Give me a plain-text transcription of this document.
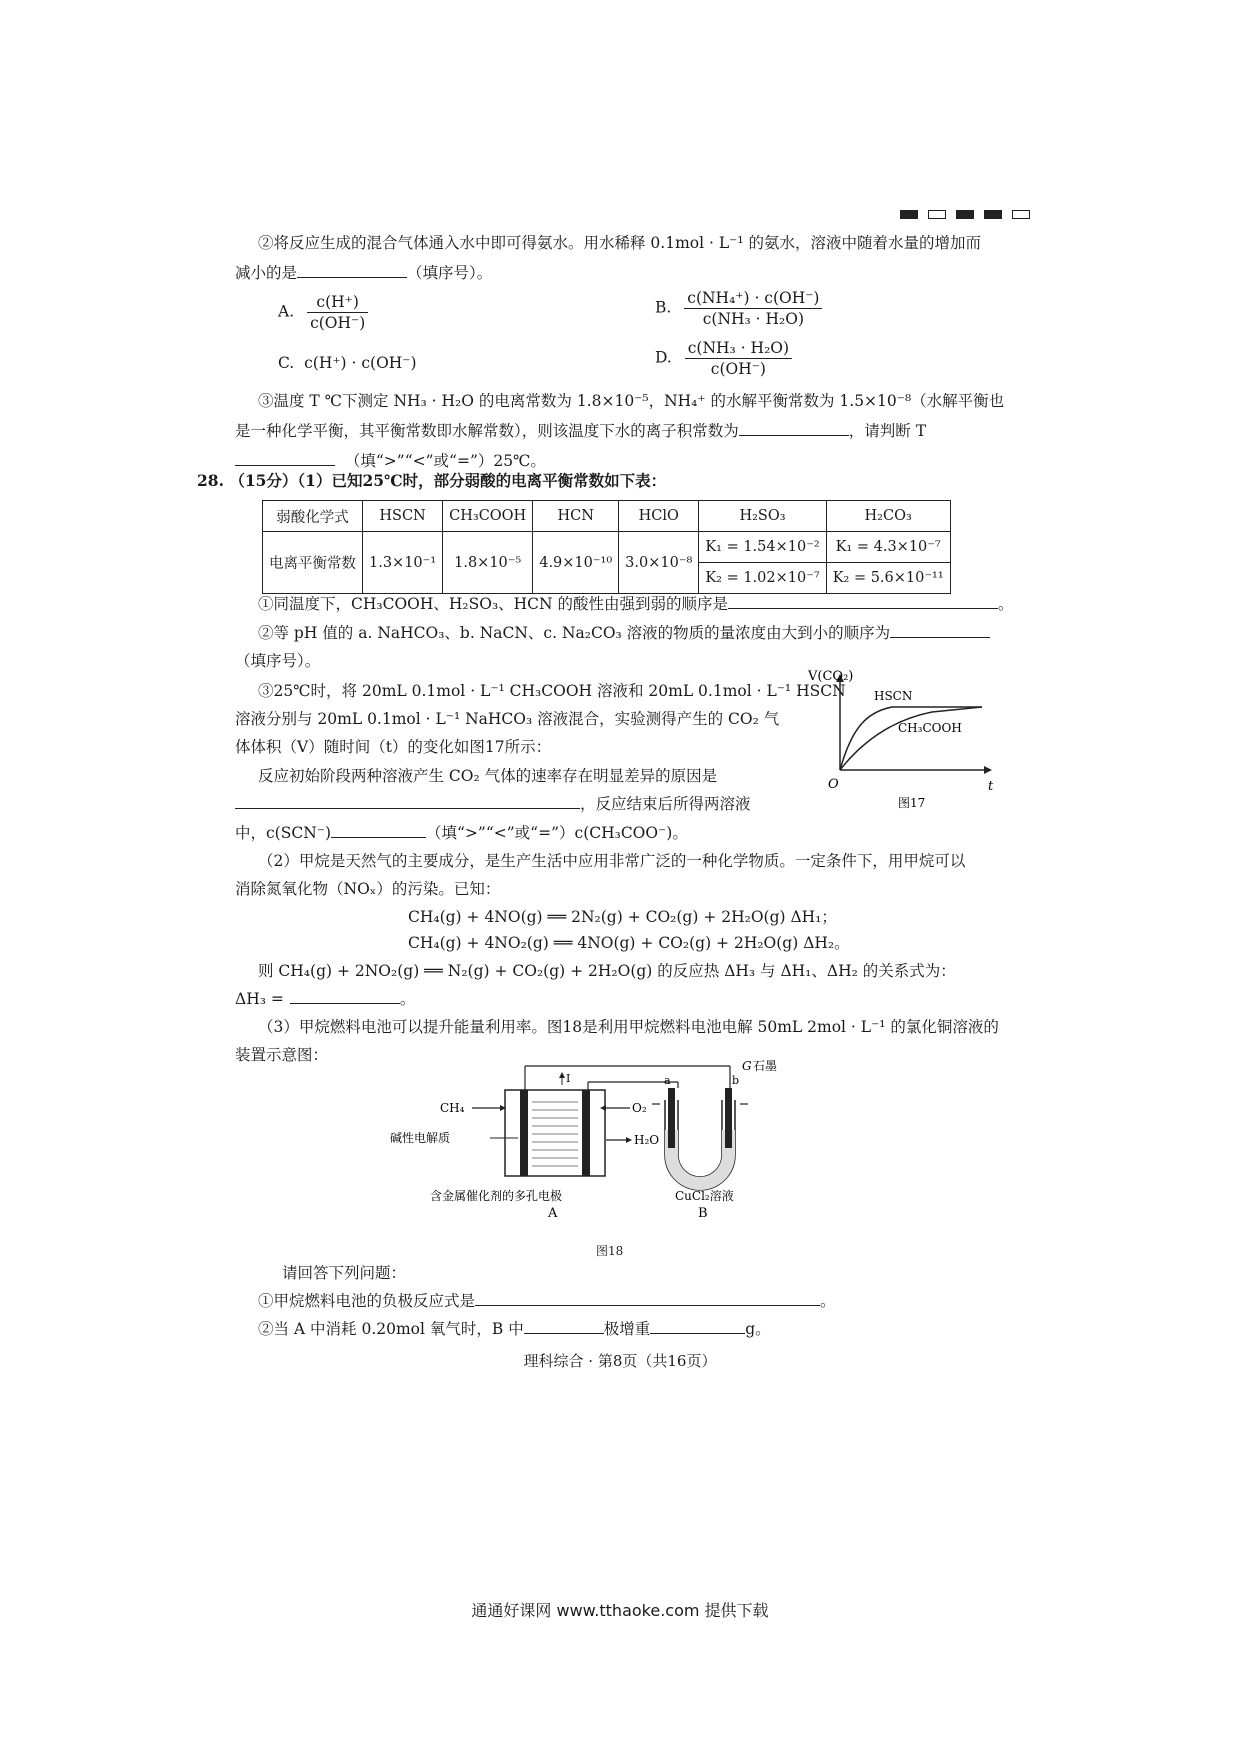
②将反应生成的混合气体通入水中即可得氨水。用水稀释 0.1mol · L⁻¹ 的氨水，溶液中随着水量的增加而
减小的是	（填序号）。
A. $\frac{c(H^+)}{c(OH^-)}$	B. $\frac{\text{c(NH₄⁺) · c(OH⁻)}}{\text{c(NH₃ · H₂O)}}$
C. c(H⁺) · c(OH⁻)	D. $\frac{\text{c(NH₃ · H₂O)}}{c(OH^-)}$
③温度 T ℃下测定 NH₃ · H₂O 的电离常数为 1.8×10⁻⁵，NH₄⁺ 的水解平衡常数为 1.5×10⁻⁸（水解平衡也
是一种化学平衡，其平衡常数即水解常数），则该温度下水的离子积常数为	，请判断 T
（填“>”“<”或“=”）25℃。
28. （15分）（1）已知25℃时，部分弱酸的电离平衡常数如下表：
弱酸化学式	HSCN	CH₃COOH	HCN	HClO	H₂SO₃	H₂CO₃
电离平衡常数	1.3×10⁻¹	1.8×10⁻⁵	4.9×10⁻¹⁰	3.0×10⁻⁸	K₁ = 1.54×10⁻²	K₁ = 4.3×10⁻⁷
					K₂ = 1.02×10⁻⁷	K₂ = 5.6×10⁻¹¹
①同温度下，CH₃COOH、H₂SO₃、HCN 的酸性由强到弱的顺序是	。
②等 pH 值的 a. NaHCO₃、b. NaCN、c. Na₂CO₃ 溶液的物质的量浓度由大到小的顺序为
（填序号）。
③25℃时，将 20mL 0.1mol · L⁻¹ CH₃COOH 溶液和 20mL 0.1mol · L⁻¹ HSCN
溶液分别与 20mL 0.1mol · L⁻¹ NaHCO₃ 溶液混合，实验测得产生的 CO₂ 气
体体积（V）随时间（t）的变化如图17所示：
反应初始阶段两种溶液产生 CO₂ 气体的速率存在明显差异的原因是
，反应结束后所得两溶液
中，c(SCN⁻)	（填“>”“<”或“=”）c(CH₃COO⁻)。
V(CO₂)
t
O
HSCN
CH₃COOH
图17
（2）甲烷是天然气的主要成分，是生产生活中应用非常广泛的一种化学物质。一定条件下，用甲烷可以
消除氮氧化物（NOₓ）的污染。已知：
CH₄(g) + 4NO(g) ══ 2N₂(g) + CO₂(g) + 2H₂O(g) ΔH₁；
CH₄(g) + 4NO₂(g) ══ 4NO(g) + CO₂(g) + 2H₂O(g) ΔH₂。
则 CH₄(g) + 2NO₂(g) ══ N₂(g) + CO₂(g) + 2H₂O(g) 的反应热 ΔH₃ 与 ΔH₁、ΔH₂ 的关系式为：
ΔH₃ =	。
（3）甲烷燃料电池可以提升能量利用率。图18是利用甲烷燃料电池电解 50mL 2mol · L⁻¹ 的氯化铜溶液的
装置示意图：
I
CH₄	O₂
H₂O
碱性电解质
a	b
G 石墨
含金属催化剂的多孔电极	CuCl₂溶液
A	B
图18
请回答下列问题：
①甲烷燃料电池的负极反应式是	。
②当 A 中消耗 0.20mol 氧气时，B 中	极增重	g。
理科综合 · 第8页（共16页）
通通好课网 www.tthaoke.com 提供下载
